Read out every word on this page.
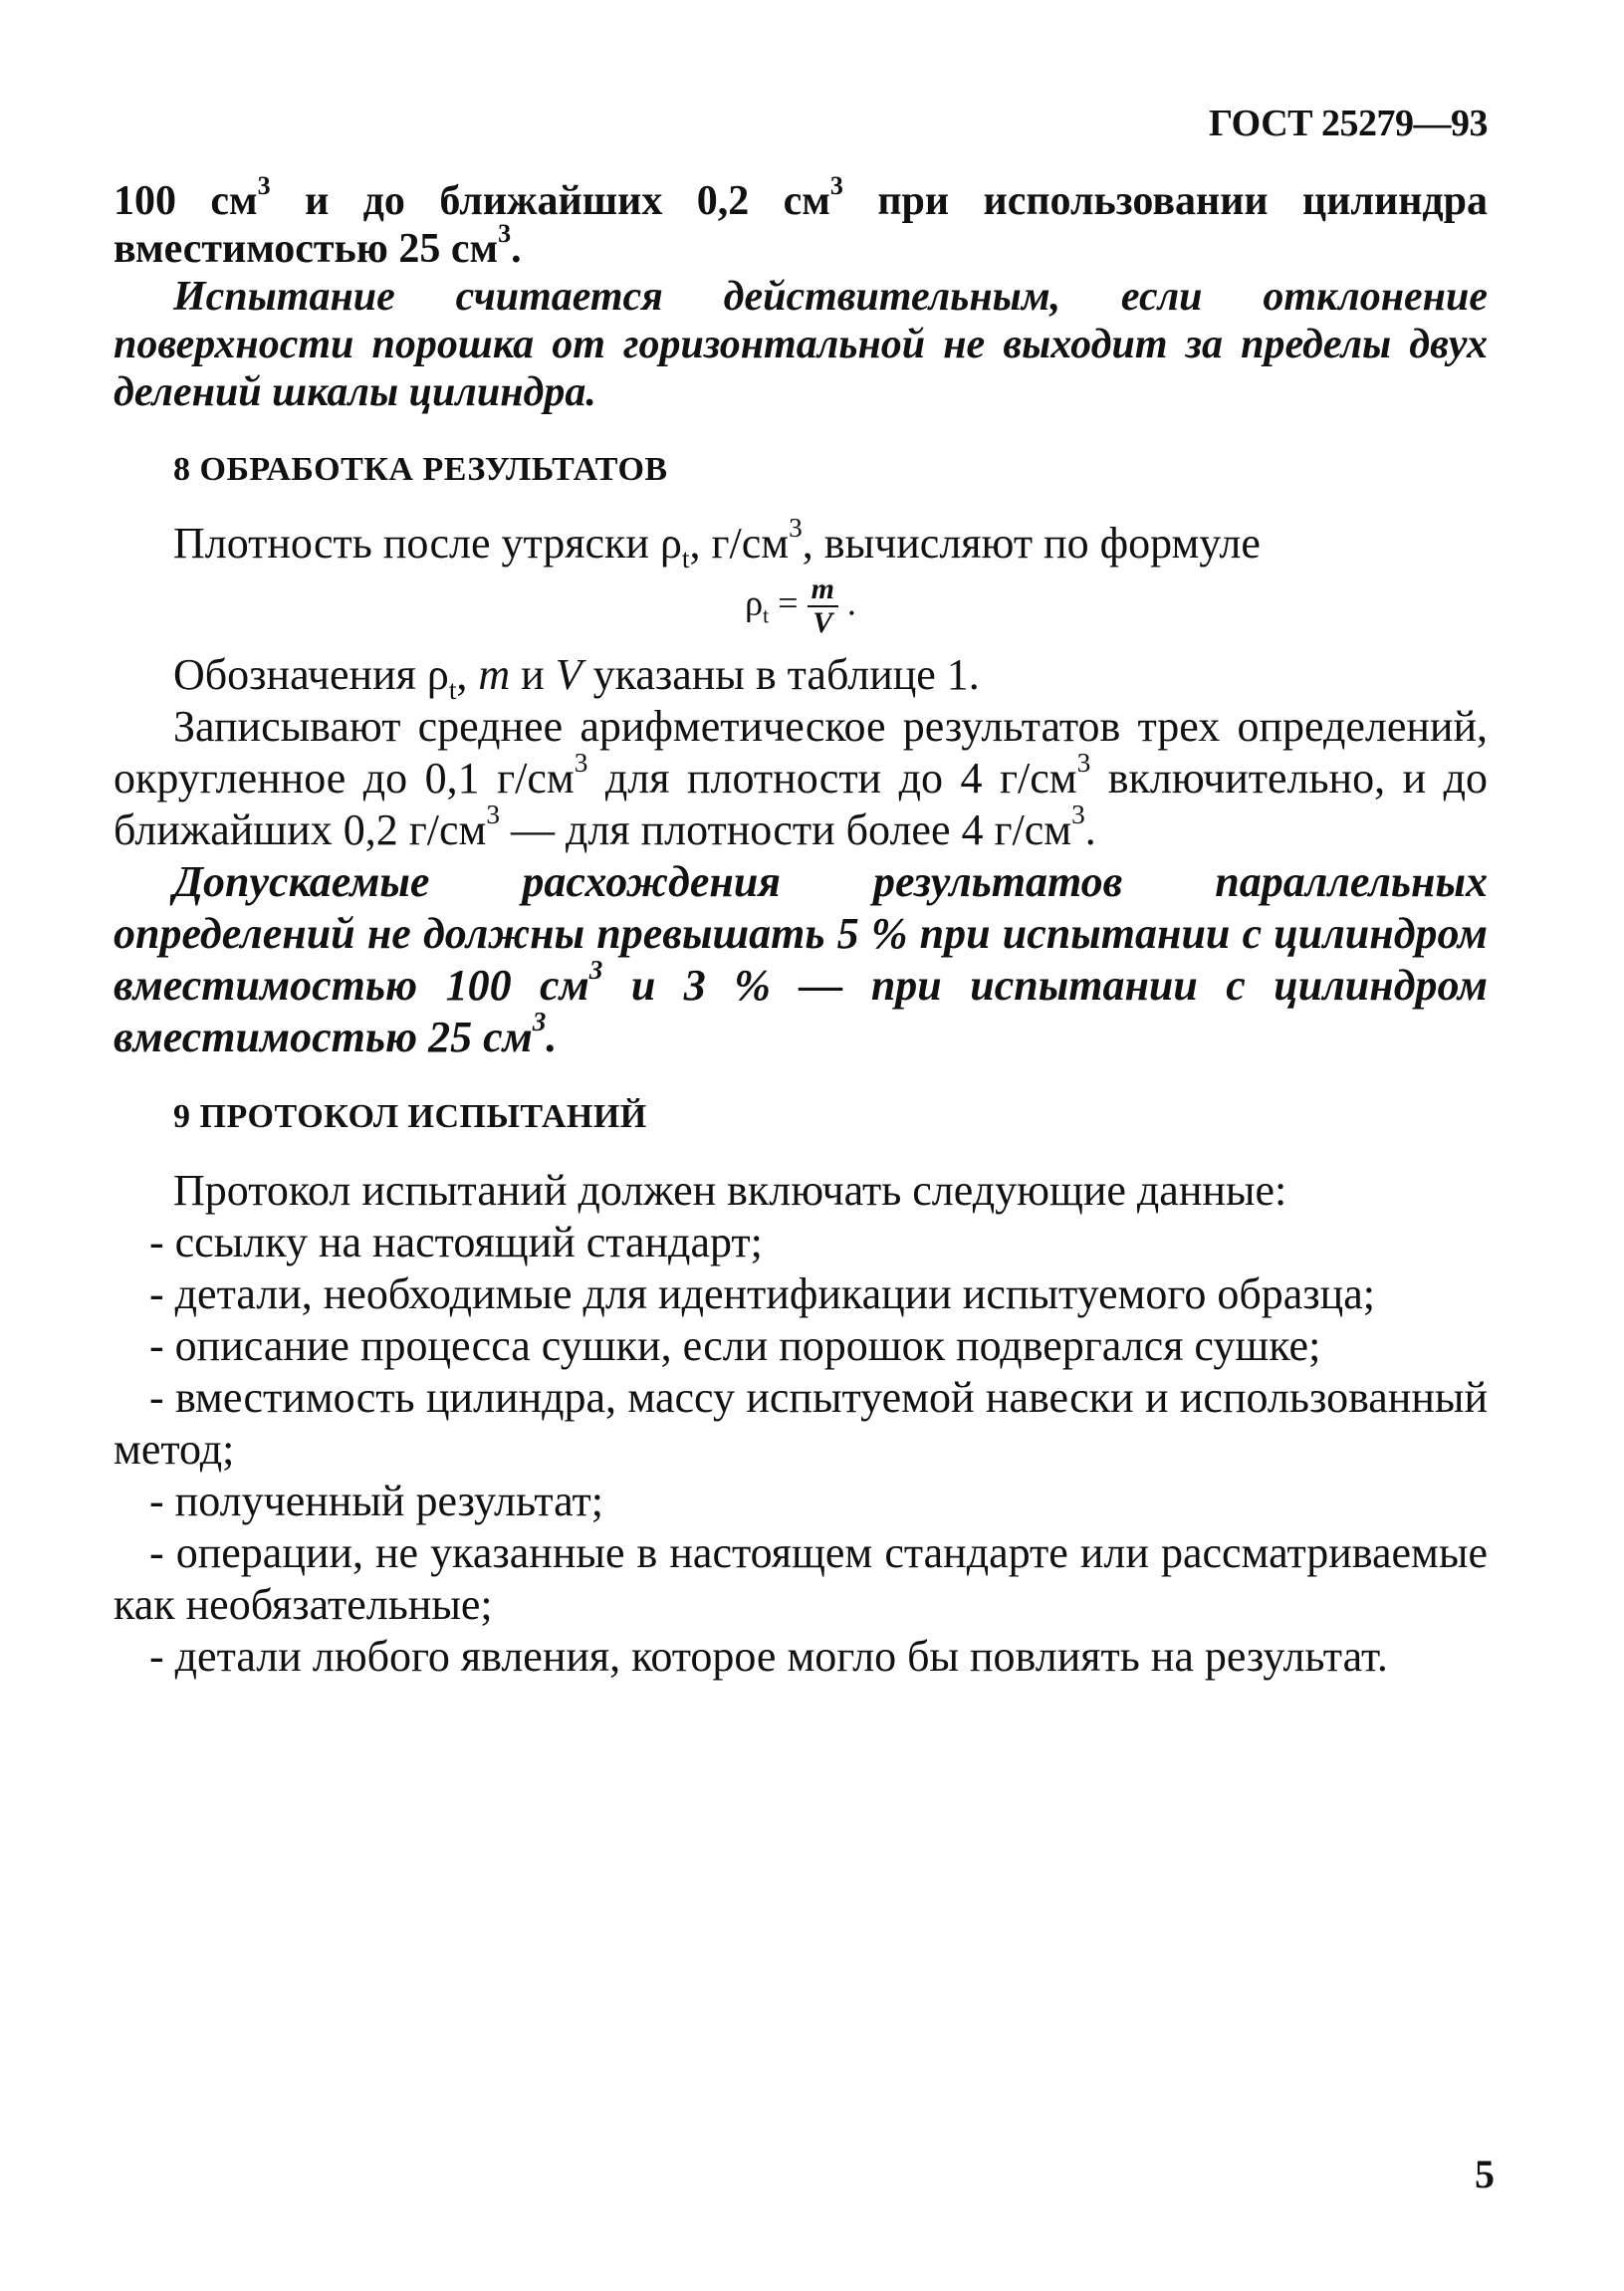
ГОСТ 25279—93

100 $см^3$ и до ближайших 0,2 $см^3$ при использовании цилиндра вместимостью 25 $см^3$.

Испытание считается действительным, если отклонение поверхности порошка от горизонтальной не выходит за пределы двух делений шкалы цилиндра.

8 ОБРАБОТКА РЕЗУЛЬТАТОВ

Плотность после утряски $\rho_t$, $г/см^3$, вычисляют по формуле

$\rho_t = \frac{m}{V}$ .

Обозначения $\rho_t$, m и V указаны в таблице 1.

Записывают среднее арифметическое результатов трех определений, округленное до 0,1 $г/см^3$ для плотности до 4 $г/см^3$ включительно, и до ближайших 0,2 $г/см^3$ — для плотности более 4 $г/см^3$.

Допускаемые расхождения результатов параллельных определений не должны превышать 5 % при испытании с цилиндром вместимостью 100 $см^3$ и 3 % — при испытании с цилиндром вместимостью 25 $см^3$.

9 ПРОТОКОЛ ИСПЫТАНИЙ

Протокол испытаний должен включать следующие данные:

- ссылку на настоящий стандарт;

- детали, необходимые для идентификации испытуемого образца;

- описание процесса сушки, если порошок подвергался сушке;

- вместимость цилиндра, массу испытуемой навески и использованный метод;

- полученный результат;

- операции, не указанные в настоящем стандарте или рассматриваемые как необязательные;

- детали любого явления, которое могло бы повлиять на результат.

5
